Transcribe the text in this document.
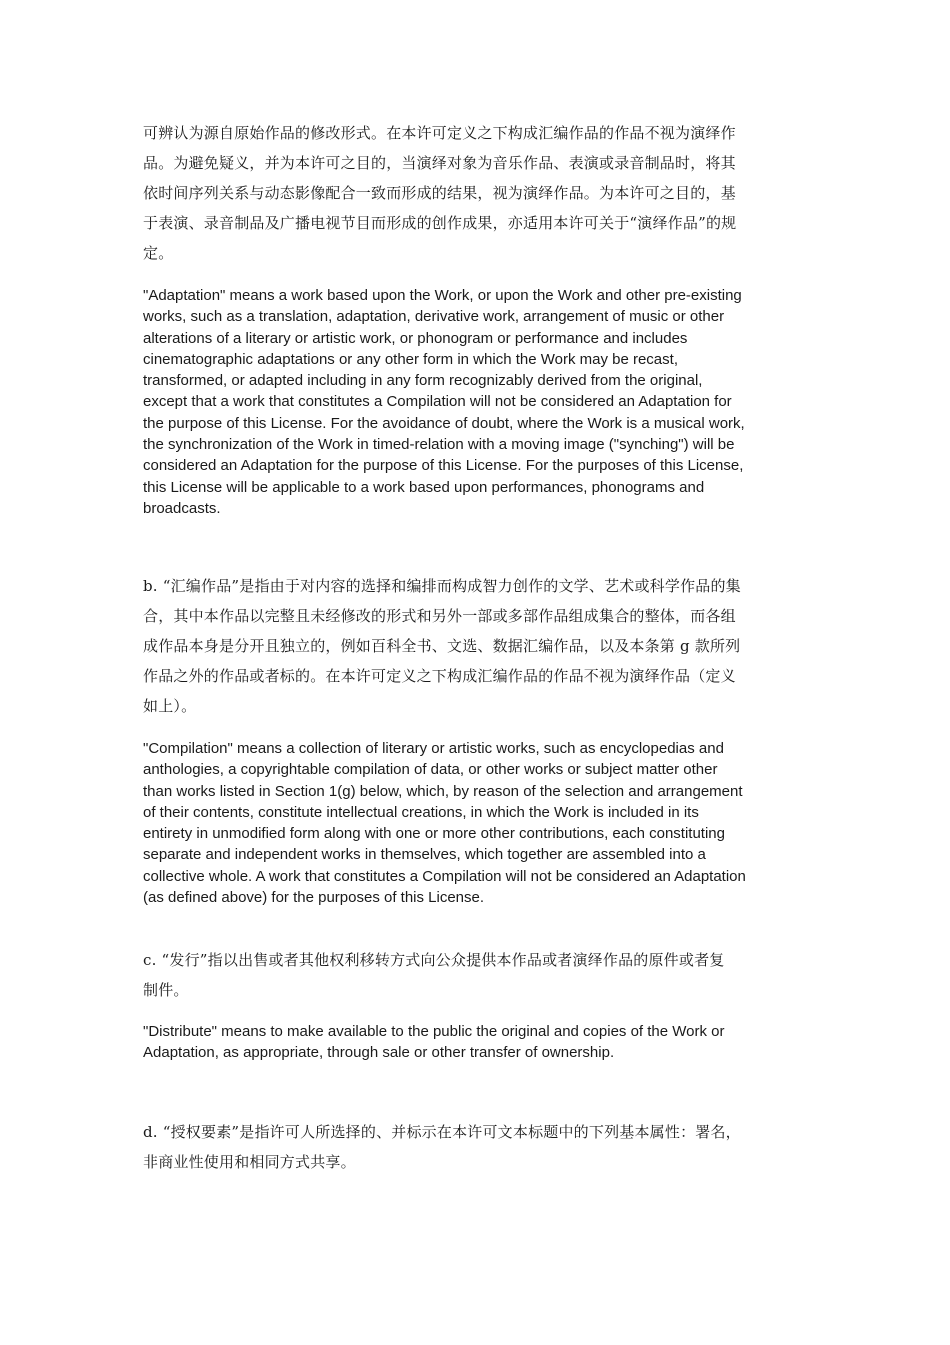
可辨认为源自原始作品的修改形式。在本许可定义之下构成汇编作品的作品不视为演绎作品。为避免疑义，并为本许可之目的，当演绎对象为音乐作品、表演或录音制品时，将其依时间序列关系与动态影像配合一致而形成的结果，视为演绎作品。为本许可之目的，基于表演、录音制品及广播电视节目而形成的创作成果，亦适用本许可关于“演绎作品”的规定。

"Adaptation" means a work based upon the Work, or upon the Work and other pre-existing works, such as a translation, adaptation, derivative work, arrangement of music or other alterations of a literary or artistic work, or phonogram or performance and includes cinematographic adaptations or any other form in which the Work may be recast, transformed, or adapted including in any form recognizably derived from the original, except that a work that constitutes a Compilation will not be considered an Adaptation for the purpose of this License. For the avoidance of doubt, where the Work is a musical work, the synchronization of the Work in timed-relation with a moving image ("synching") will be considered an Adaptation for the purpose of this License. For the purposes of this License, this License will be applicable to a work based upon performances, phonograms and broadcasts.

b. “汇编作品”是指由于对内容的选择和编排而构成智力创作的文学、艺术或科学作品的集合，其中本作品以完整且未经修改的形式和另外一部或多部作品组成集合的整体，而各组成作品本身是分开且独立的，例如百科全书、文选、数据汇编作品，以及本条第 g 款所列作品之外的作品或者标的。在本许可定义之下构成汇编作品的作品不视为演绎作品（定义如上）。

"Compilation" means a collection of literary or artistic works, such as encyclopedias and anthologies, a copyrightable compilation of data, or other works or subject matter other than works listed in Section 1(g) below, which, by reason of the selection and arrangement of their contents, constitute intellectual creations, in which the Work is included in its entirety in unmodified form along with one or more other contributions, each constituting separate and independent works in themselves, which together are assembled into a collective whole. A work that constitutes a Compilation will not be considered an Adaptation (as defined above) for the purposes of this License.

c. “发行”指以出售或者其他权利移转方式向公众提供本作品或者演绎作品的原件或者复 制件。

"Distribute" means to make available to the public the original and copies of the Work or Adaptation, as appropriate, through sale or other transfer of ownership.

d. “授权要素”是指许可人所选择的、并标示在本许可文本标题中的下列基本属性：署名，非商业性使用和相同方式共享。
